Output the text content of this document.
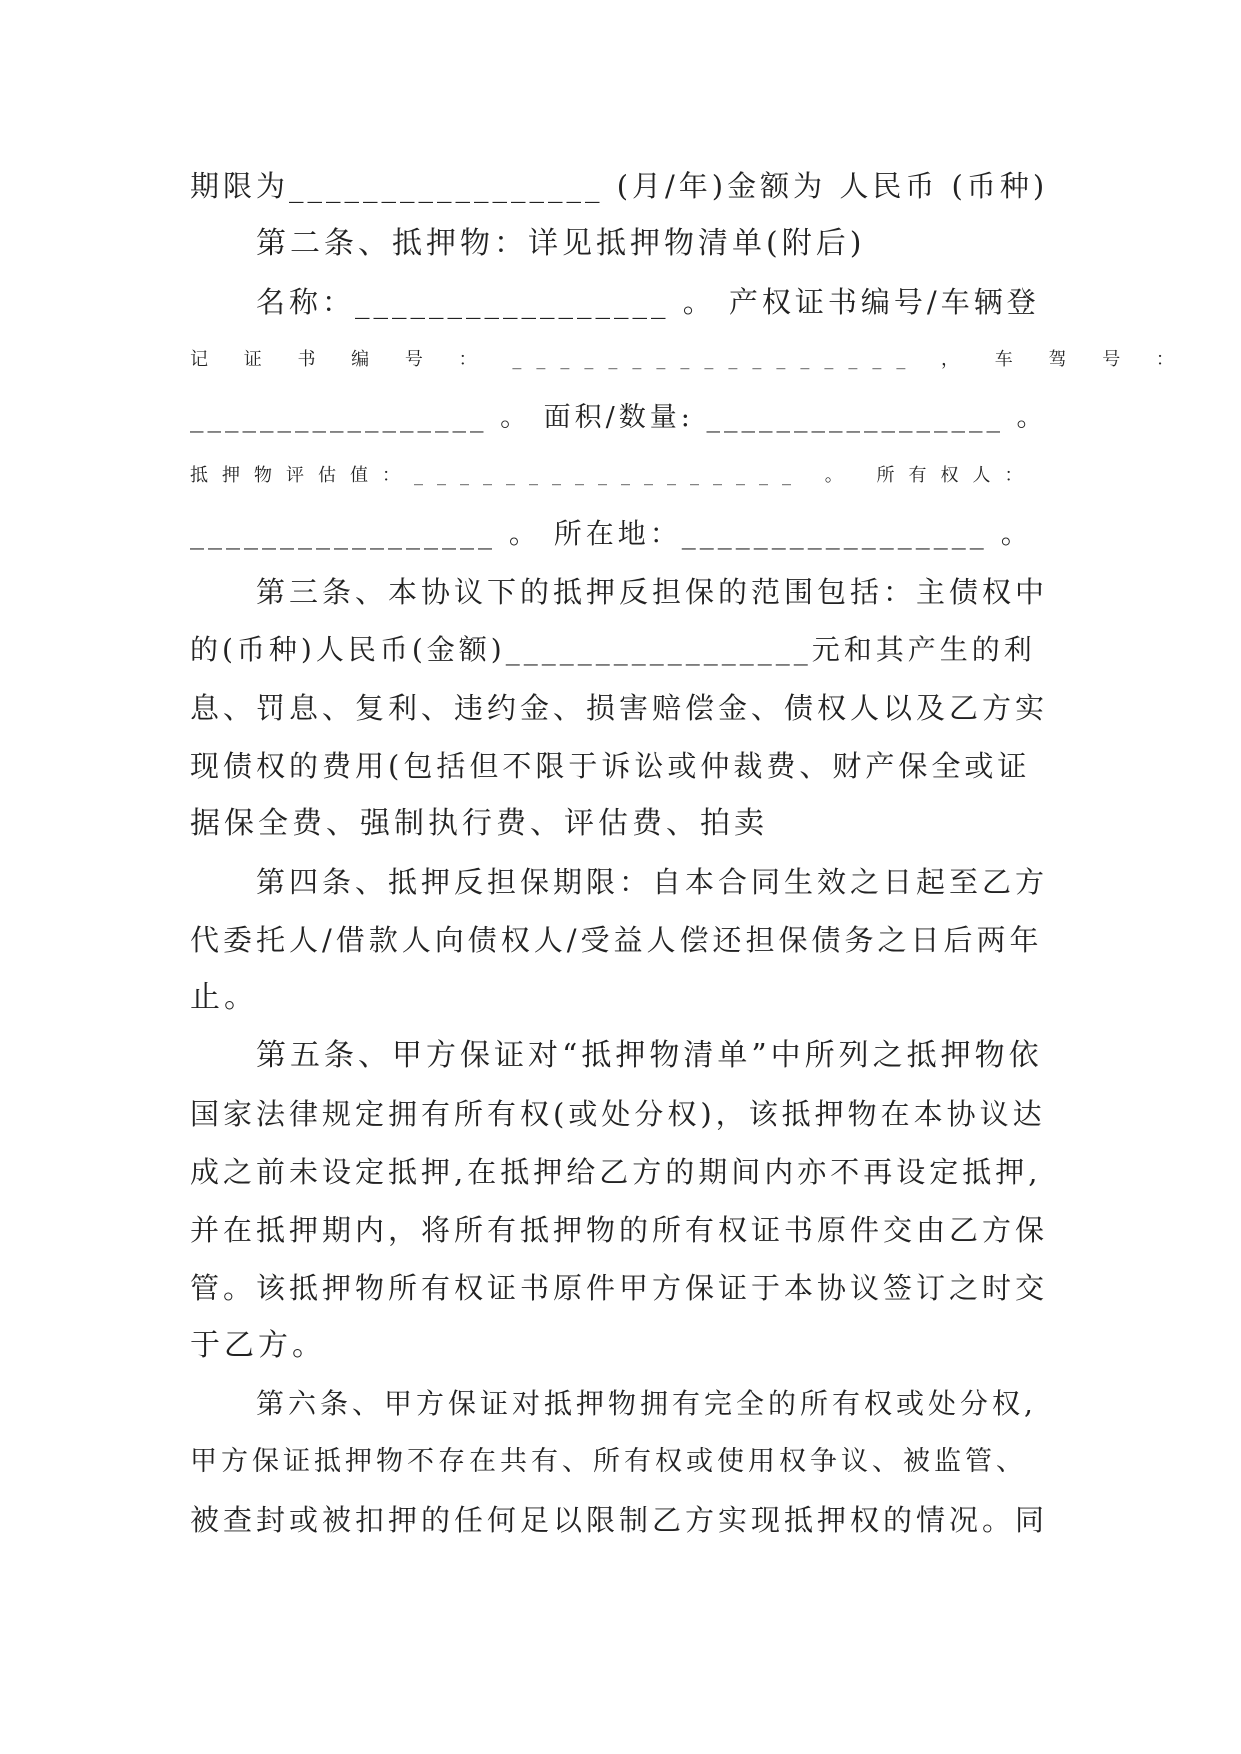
期限为_________________ (月/年)金额为 人民币 (币种)
第二条、抵押物：详见抵押物清单(附后)
名称：_________________ 。 产权证书编号/车辆登
记 证 书 编 号 ： _________________ ， 车 驾 号 ：
_________________ 。 面积/数量: _________________ 。
抵押物评估值：_________________ 。 所有权人：
_________________ 。 所在地：_________________ 。
第三条、本协议下的抵押反担保的范围包括：主债权中
的(币种)人民币(金额)_________________元和其产生的利
息、罚息、复利、违约金、损害赔偿金、债权人以及乙方实
现债权的费用(包括但不限于诉讼或仲裁费、财产保全或证
据保全费、强制执行费、评估费、拍卖
第四条、抵押反担保期限：自本合同生效之日起至乙方
代委托人/借款人向债权人/受益人偿还担保债务之日后两年
止。
第五条、甲方保证对“抵押物清单”中所列之抵押物依
国家法律规定拥有所有权(或处分权)，该抵押物在本协议达
成之前未设定抵押,在抵押给乙方的期间内亦不再设定抵押,
并在抵押期内，将所有抵押物的所有权证书原件交由乙方保
管。该抵押物所有权证书原件甲方保证于本协议签订之时交
于乙方。
第六条、甲方保证对抵押物拥有完全的所有权或处分权,
甲方保证抵押物不存在共有、所有权或使用权争议、被监管、
被查封或被扣押的任何足以限制乙方实现抵押权的情况。同
